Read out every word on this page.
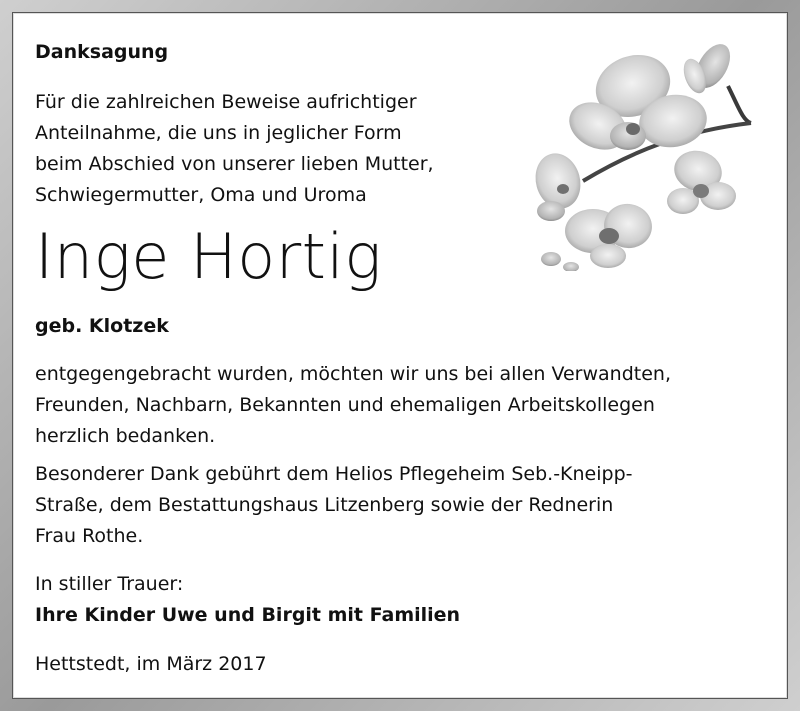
Danksagung
Für die zahlreichen Beweise aufrichtiger
Anteilnahme, die uns in jeglicher Form
beim Abschied von unserer lieben Mutter,
Schwiegermutter, Oma und Uroma
Inge Hortig
geb. Klotzek
entgegengebracht wurden, möchten wir uns bei allen Verwandten,
Freunden, Nachbarn, Bekannten und ehemaligen Arbeitskollegen
herzlich bedanken.
Besonderer Dank gebührt dem Helios Pflegeheim Seb.-Kneipp-
Straße, dem Bestattungshaus Litzenberg sowie der Rednerin
Frau Rothe.
In stiller Trauer:
Ihre Kinder Uwe und Birgit mit Familien
Hettstedt, im März 2017
